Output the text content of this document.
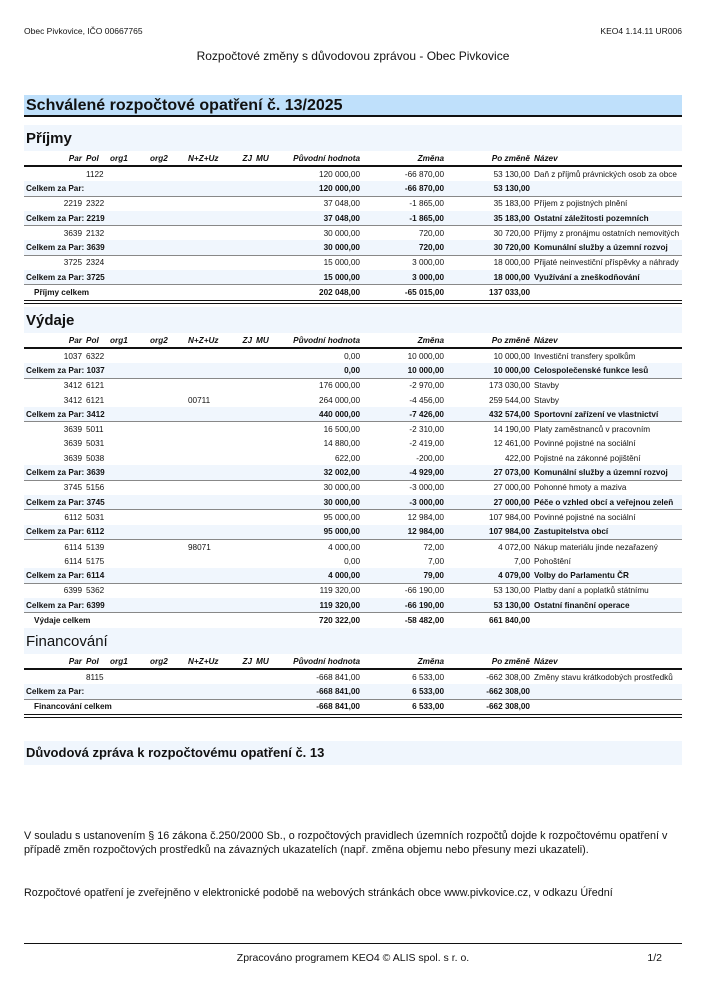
Obec Pivkovice, IČO 00667765	KEO4 1.14.11 UR006
Rozpočtové změny s důvodovou zprávou - Obec Pivkovice
Schválené rozpočtové opatření č. 13/2025
Příjmy
Par	Pol	org1	org2	N+Z+Uz	ZJ	MU	Původní hodnota	Změna	Po změně	Název
	1122						120 000,00	-66 870,00	53 130,00	Daň z příjmů právnických osob za obce
Celkem za Par:							120 000,00	-66 870,00	53 130,00	
2219	2322						37 048,00	-1 865,00	35 183,00	Příjem z pojistných plnění
Celkem za Par: 2219							37 048,00	-1 865,00	35 183,00	Ostatní záležitosti pozemních
3639	2132						30 000,00	720,00	30 720,00	Příjmy z pronájmu ostatních nemovitých
Celkem za Par: 3639							30 000,00	720,00	30 720,00	Komunální služby a územní rozvoj
3725	2324						15 000,00	3 000,00	18 000,00	Přijaté neinvestiční příspěvky a náhrady
Celkem za Par: 3725							15 000,00	3 000,00	18 000,00	Využívání a zneškodňování
Příjmy celkem							202 048,00	-65 015,00	137 033,00	
Výdaje
Par	Pol	org1	org2	N+Z+Uz	ZJ	MU	Původní hodnota	Změna	Po změně	Název
1037	6322						0,00	10 000,00	10 000,00	Investiční transfery spolkům
Celkem za Par: 1037							0,00	10 000,00	10 000,00	Celospolečenské funkce lesů
3412	6121						176 000,00	-2 970,00	173 030,00	Stavby
3412	6121			00711			264 000,00	-4 456,00	259 544,00	Stavby
Celkem za Par: 3412							440 000,00	-7 426,00	432 574,00	Sportovní zařízení ve vlastnictví
3639	5011						16 500,00	-2 310,00	14 190,00	Platy zaměstnanců v pracovním
3639	5031						14 880,00	-2 419,00	12 461,00	Povinné pojistné na sociální
3639	5038						622,00	-200,00	422,00	Pojistné na zákonné pojištění
Celkem za Par: 3639							32 002,00	-4 929,00	27 073,00	Komunální služby a územní rozvoj
3745	5156						30 000,00	-3 000,00	27 000,00	Pohonné hmoty a maziva
Celkem za Par: 3745							30 000,00	-3 000,00	27 000,00	Péče o vzhled obcí a veřejnou zeleň
6112	5031						95 000,00	12 984,00	107 984,00	Povinné pojistné na sociální
Celkem za Par: 6112							95 000,00	12 984,00	107 984,00	Zastupitelstva obcí
6114	5139			98071			4 000,00	72,00	4 072,00	Nákup materiálu jinde nezařazený
6114	5175						0,00	7,00	7,00	Pohoštění
Celkem za Par: 6114							4 000,00	79,00	4 079,00	Volby do Parlamentu ČR
6399	5362						119 320,00	-66 190,00	53 130,00	Platby daní a poplatků státnímu
Celkem za Par: 6399							119 320,00	-66 190,00	53 130,00	Ostatní finanční operace
Výdaje celkem							720 322,00	-58 482,00	661 840,00	
Financování
Par	Pol	org1	org2	N+Z+Uz	ZJ	MU	Původní hodnota	Změna	Po změně	Název
	8115						-668 841,00	6 533,00	-662 308,00	Změny stavu krátkodobých prostředků
Celkem za Par:							-668 841,00	6 533,00	-662 308,00	
Financování celkem							-668 841,00	6 533,00	-662 308,00	
Důvodová zpráva k rozpočtovému opatření č. 13
V souladu s ustanovením § 16 zákona č.250/2000 Sb., o rozpočtových pravidlech územních rozpočtů dojde k rozpočtovému opatření v případě změn rozpočtových prostředků na závazných ukazatelích (např. změna objemu nebo přesuny mezi ukazateli).
Rozpočtové opatření je zveřejněno v elektronické podobě na webových stránkách obce www.pivkovice.cz, v odkazu Úřední
Zpracováno programem KEO4 © ALIS spol. s r. o.	1/2
